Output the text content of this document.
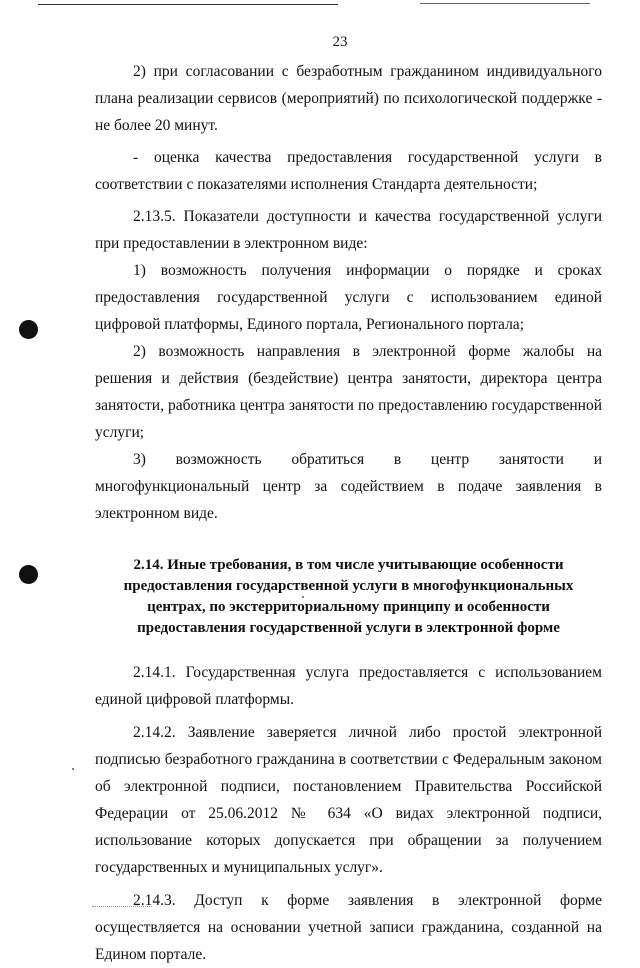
23

2) при согласовании с безработным гражданином индивидуального плана реализации сервисов (мероприятий) по психологической поддержке - не более 20 минут.

- оценка качества предоставления государственной услуги в соответствии с показателями исполнения Стандарта деятельности;

2.13.5. Показатели доступности и качества государственной услуги при предоставлении в электронном виде:

1) возможность получения информации о порядке и сроках предоставления государственной услуги с использованием единой цифровой платформы, Единого портала, Регионального портала;

2) возможность направления в электронной форме жалобы на решения и действия (бездействие) центра занятости, директора центра занятости, работника центра занятости по предоставлению государственной услуги;

3) возможность обратиться в центр занятости и многофункциональный центр за содействием в подаче заявления в электронном виде.

2.14. Иные требования, в том числе учитывающие особенности
предоставления государственной услуги в многофункциональных
центрах, по экстерриториальному принципу и особенности
предоставления государственной услуги в электронной форме

2.14.1. Государственная услуга предоставляется с использованием единой цифровой платформы.

2.14.2. Заявление заверяется личной либо простой электронной подписью безработного гражданина в соответствии с Федеральным законом об электронной подписи, постановлением Правительства Российской Федерации от 25.06.2012 № 634 «О видах электронной подписи, использование которых допускается при обращении за получением государственных и муниципальных услуг».

2.14.3. Доступ к форме заявления в электронной форме осуществляется на основании учетной записи гражданина, созданной на Едином портале.
